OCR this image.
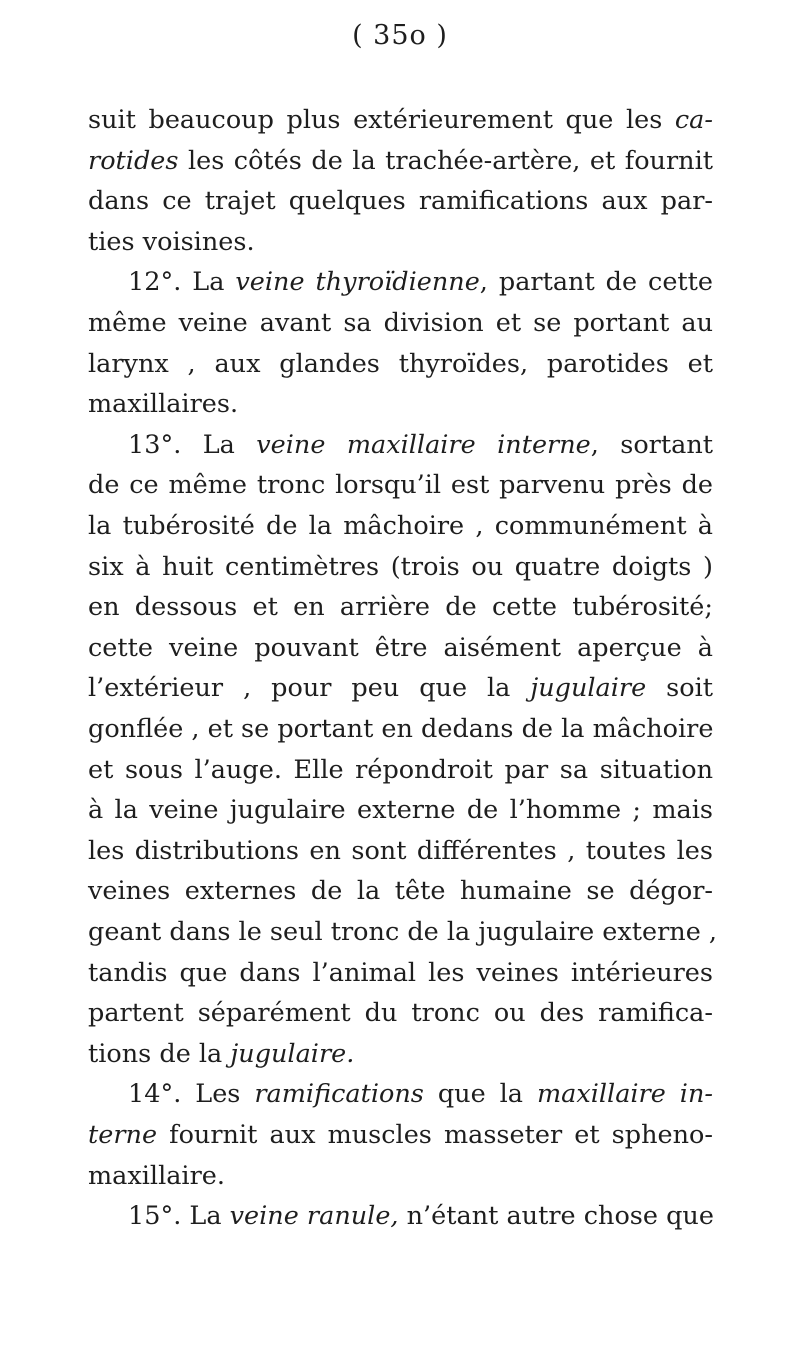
( 35o )
suit beaucoup plus extérieurement que les ca-
rotides les côtés de la trachée-artère, et fournit
dans ce trajet quelques ramifications aux par-
ties voisines.
12°. La veine thyroïdienne, partant de cette
même veine avant sa division et se portant au
larynx , aux glandes thyroïdes, parotides et
maxillaires.
13°. La veine maxillaire interne, sortant
de ce même tronc lorsqu’il est parvenu près de
la tubérosité de la mâchoire , communément à
six à huit centimètres (trois ou quatre doigts )
en dessous et en arrière de cette tubérosité;
cette veine pouvant être aisément aperçue à
l’extérieur , pour peu que la jugulaire soit
gonflée , et se portant en dedans de la mâchoire
et sous l’auge. Elle répondroit par sa situation
à la veine jugulaire externe de l’homme ; mais
les distributions en sont différentes , toutes les
veines externes de la tête humaine se dégor-
geant dans le seul tronc de la jugulaire externe ,
tandis que dans l’animal les veines intérieures
partent séparément du tronc ou des ramifica-
tions de la jugulaire.
14°. Les ramifications que la maxillaire in-
terne fournit aux muscles masseter et spheno-
maxillaire.
15°. La veine ranule, n’étant autre chose que
